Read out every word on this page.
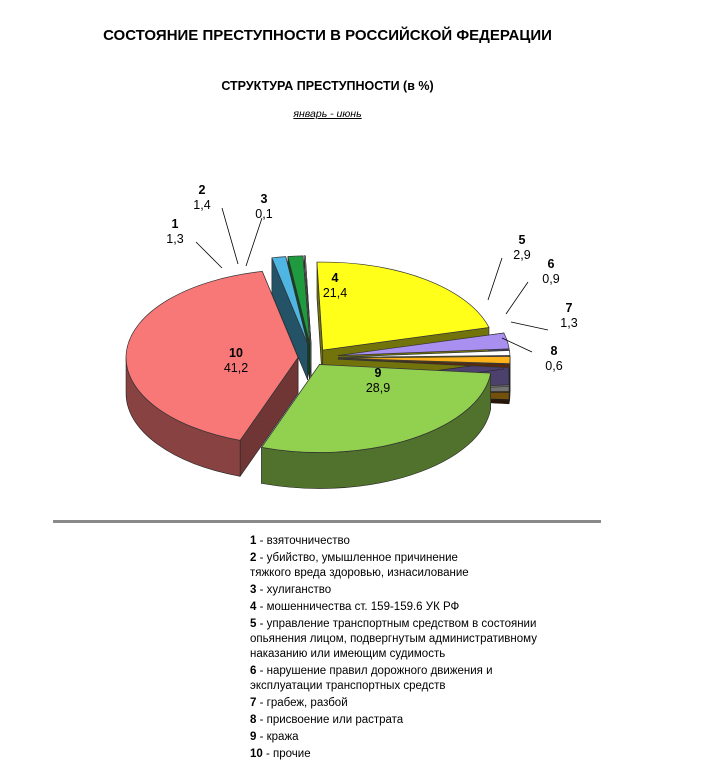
СОСТОЯНИЕ ПРЕСТУПНОСТИ В РОССИЙСКОЙ ФЕДЕРАЦИИ
СТРУКТУРА ПРЕСТУПНОСТИ (в %)
январь - июнь
1
1,3
2
1,4	3
0,1
4
21,4
5
2,9
6
0,9
7
1,3
8
0,6
9
28,9
10
41,2
1 - взяточничество
2 - убийство, умышленное причинение тяжкого вреда здоровью, изнасилование
3 - хулиганство
4 - мошенничества ст. 159-159.6 УК РФ
5 - управление транспортным средством в состоянии опьянения лицом, подвергнутым административному наказанию или имеющим судимость
6 - нарушение правил дорожного движения и эксплуатации транспортных средств
7 - грабеж, разбой
8 - присвоение или растрата
9 - кража
10 - прочие
